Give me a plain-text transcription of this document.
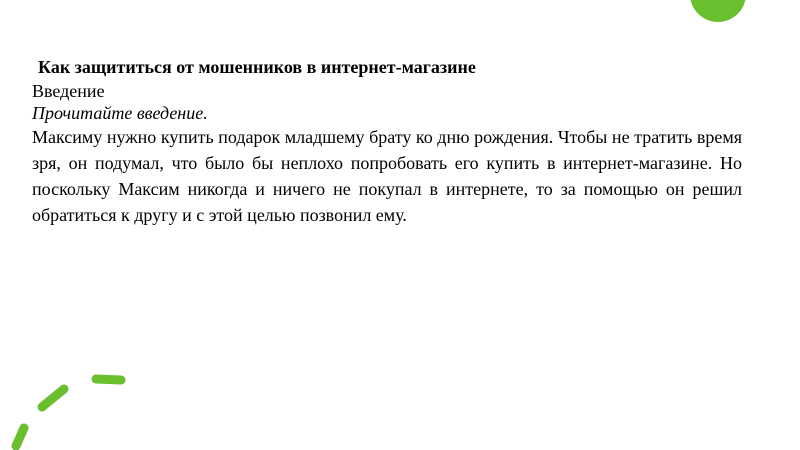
Как защититься от мошенников в интернет-магазине
Введение
Прочитайте введение.

Максиму нужно купить подарок младшему брату ко дню рождения. Чтобы не тратить время зря, он подумал, что было бы неплохо попробовать его купить в интернет-магазине. Но поскольку Максим никогда и ничего не покупал в интернете, то за помощью он решил обратиться к другу и с этой целью позвонил ему.
